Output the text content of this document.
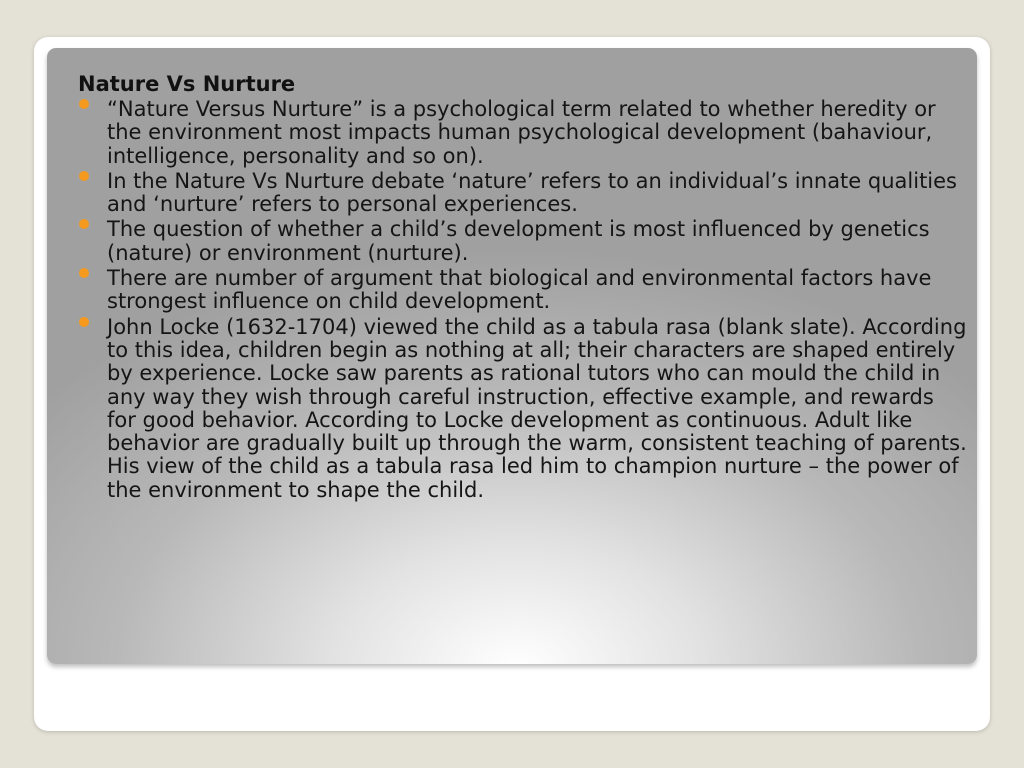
Nature Vs Nurture
“Nature Versus Nurture” is a psychological term related to whether heredity or the environment most impacts human psychological development (bahaviour, intelligence, personality and so on).
In the Nature Vs Nurture debate ‘nature’ refers to an individual’s innate qualities and ‘nurture’ refers to personal experiences.
The question of whether a child’s development is most influenced by genetics (nature) or environment (nurture).
There are number of argument that biological and environmental factors have strongest influence on child development.
John Locke (1632-1704) viewed the child as a tabula rasa (blank slate). According to this idea, children begin as nothing at all; their characters are shaped entirely by experience. Locke saw parents as rational tutors who can mould the child in any way they wish through careful instruction, effective example, and rewards for good behavior. According to Locke development as continuous. Adult like behavior are gradually built up through the warm, consistent teaching of parents. His view of the child as a tabula rasa led him to champion nurture – the power of the environment to shape the child.
